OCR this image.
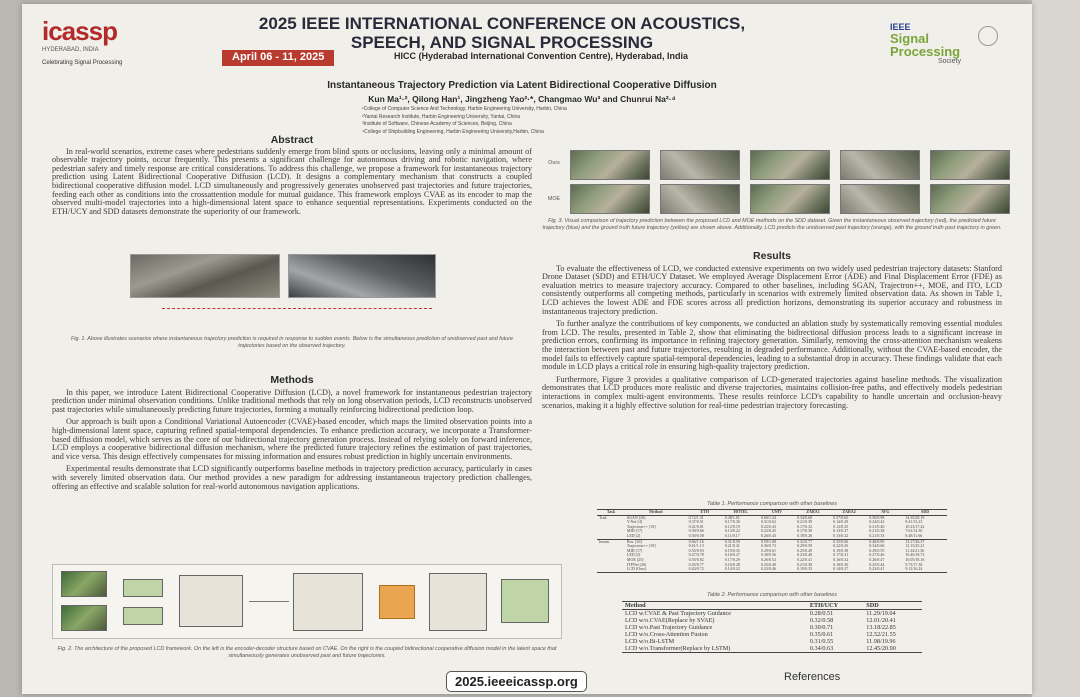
icassp
HYDERABAD, INDIA
Celebrating Signal Processing
2025 IEEE INTERNATIONAL CONFERENCE ON ACOUSTICS, SPEECH, AND SIGNAL PROCESSING
April 06 - 11, 2025	HICC (Hyderabad International Convention Centre), Hyderabad, India
IEEE
Signal
Processing
Society
Instantaneous Trajectory Prediction via Latent Bidirectional Cooperative Diffusion
Kun Ma¹·², Qilong Han¹, Jingzheng Yao²·*, Changmao Wu³ and Chunrui Na²·⁴
¹College of Computer Science And Technology, Harbin Engineering University, Harbin, China
²Yantai Research Institute, Harbin Engineering University, Yantai, China
³Institute of Software, Chinese Academy of Sciences, Beijing, China
⁴College of Shipbuilding Engineering, Harbin Engineering University,Harbin, China
Abstract

In real-world scenarios, extreme cases where pedestrians suddenly emerge from blind spots or occlusions, leaving only a minimal amount of observable trajectory points, occur frequently. This presents a significant challenge for autonomous driving and robotic navigation, where pedestrian safety and timely response are critical considerations. To address this challenge, we propose a framework for instantaneous trajectory prediction using Latent Bidirectional Cooperative Diffusion (LCD). It designs a complementary mechanism that constructs a coupled bidirectional cooperative diffusion model. LCD simultaneously and progressively generates unobserved past trajectories and future trajectories, feeding each other as conditions into the crossattention module for mutual guidance. This framework employs CVAE as its encoder to map the observed multi-model trajectories into a high-dimensional latent space to enhance sequential representations. Experiments conducted on the ETH/UCY and SDD datasets demonstrate the superiority of our framework.

Fig. 1. Above illustrates scenarios where instantaneous trajectory prediction is required in response to sudden events. Below is the simultaneous prediction of unobserved past and future trajectories based on the observed trajectory.
Methods

In this paper, we introduce Latent Bidirectional Cooperative Diffusion (LCD), a novel framework for instantaneous pedestrian trajectory prediction under minimal observation conditions. Unlike traditional methods that rely on long observation periods, LCD reconstructs unobserved past trajectories while simultaneously predicting future trajectories, forming a mutually reinforcing bidirectional prediction loop.

Our approach is built upon a Conditional Variational Autoencoder (CVAE)-based encoder, which maps the limited observation points into a high-dimensional latent space, capturing refined spatial-temporal dependencies. To enhance prediction accuracy, we incorporate a Transformer-based diffusion model, which serves as the core of our bidirectional trajectory generation process. Instead of relying solely on forward inference, LCD employs a cooperative bidirectional diffusion mechanism, where the predicted future trajectory refines the estimation of past trajectories, and vice versa. This design effectively compensates for missing information and ensures robust prediction in highly uncertain environments.

Experimental results demonstrate that LCD significantly outperforms baseline methods in trajectory prediction accuracy, particularly in cases with severely limited observation data. Our method provides a new paradigm for addressing instantaneous trajectory prediction challenges, offering an effective and scalable solution for real-world autonomous navigation applications.

Fig. 2. The architecture of the proposed LCD framework. On the left is the encoder-decoder structure based on CVAE. On the right is the coupled bidirectional cooperative diffusion model in the latent space that simultaneously generates unobserved past and future trajectories.
Ours
MOE
Fig. 3. Visual comparison of trajectory prediction between the proposed LCD and MOE methods on the SDD dataset. Given the instantaneous observed trajectory (red), the predicted future trajectory (blue) and the ground truth future trajectory (yellow) are shown above. Additionally, LCD predicts the unobserved past trajectory (orange), with the ground truth past trajectory in green.
Results

To evaluate the effectiveness of LCD, we conducted extensive experiments on two widely used pedestrian trajectory datasets: Stanford Drone Dataset (SDD) and ETH/UCY Dataset. We employed Average Displacement Error (ADE) and Final Displacement Error (FDE) as evaluation metrics to measure trajectory accuracy. Compared to other baselines, including SGAN, Trajectron++, MOE, and ITO, LCD consistently outperforms all competing methods, particularly in scenarios with extremely limited observation data. As shown in Table 1, LCD achieves the lowest ADE and FDE scores across all prediction horizons, demonstrating its superior accuracy and robustness in instantaneous trajectory prediction.

To further analyze the contributions of key components, we conducted an ablation study by systematically removing essential modules from LCD. The results, presented in Table 2, show that eliminating the bidirectional diffusion process leads to a significant increase in prediction errors, confirming its importance in refining trajectory generation. Similarly, removing the cross-attention mechanism weakens the interaction between past and future trajectories, resulting in degraded performance. Additionally, without the CVAE-based encoder, the model fails to effectively capture spatial-temporal dependencies, leading to a substantial drop in accuracy. These findings validate that each module in LCD plays a critical role in ensuring high-quality trajectory prediction.

Furthermore, Figure 3 provides a qualitative comparison of LCD-generated trajectories against baseline methods. The visualization demonstrates that LCD produces more realistic and diverse trajectories, maintains collision-free paths, and effectively models pedestrian interactions in complex multi-agent environments. These results reinforce LCD's capability to handle uncertain and occlusion-heavy scenarios, making it a highly effective solution for real-time pedestrian trajectory forecasting.

Table 1. Performance comparison with other baselines
Task	Method	ETH	HOTEL	UNIV	ZARA1	ZARA2	AVG	SDD
Trad.	SGAN [20]	0.72/1.31	0.48/1.01	0.60/1.24	0.34/0.68	0.37/0.65	0.50/0.98	14.35/28.19
	Y-Net [4]	0.37/0.51	0.17/0.30	0.31/0.62	0.21/0.39	0.14/0.29	0.24/0.42	8.41/13.23
	Trajectron++ [19]	0.41/0.81	0.12/0.19	0.22/0.43	0.17/0.32	0.12/0.25	0.21/0.40	10.23/17.42
	MID [17]	0.39/0.66	0.13/0.22	0.22/0.45	0.17/0.30	0.13/0.27	0.21/0.38	7.61/14.30
	LED [2]	0.39/0.58	0.11/0.17	0.26/0.43	0.18/0.26	0.13/0.22	0.21/0.33	8.48/11.66
Instan.	Bos. [26]	0.66/1.16	0.31/0.59	0.59/1.08	0.41/0.77	0.35/0.66	0.46/0.85	13.17/26.37
	Trajectron++ [19]	0.61/1.13	0.21/0.41	0.36/0.72	0.29/0.59	0.22/0.45	0.34/0.66	12.15/25.21
	MID [17]	0.55/0.93	0.19/0.35	0.29/0.61	0.25/0.49	0.19/0.38	0.29/0.55	11.24/21.36
	LED [2]	0.47/0.78	0.16/0.27	0.30/0.56	0.23/0.40	0.17/0.31	0.27/0.46	10.46/18.73
	MOE [25]	0.50/0.82	0.17/0.29	0.26/0.52	0.22/0.41	0.16/0.32	0.26/0.47	10.05/18.16
	ITPNet [26]	0.45/0.77	0.16/0.28	0.25/0.49	0.21/0.38	0.16/0.30	0.25/0.44	9.73/17.36
	LCD (Ours)	0.43/0.72	0.14/0.23	0.23/0.46	0.19/0.35	0.14/0.27	0.23/0.41	9.12/16.24
Table 2. Performance comparison with other baselines
Method	ETH/UCY	SDD
LCD w.CVAE & Past Trajectory Guidance	0.28/0.51	11.29/19.04
LCD w/o.CVAE(Replace by SVAE)	0.32/0.58	12.01/20.41
LCD w/o.Past Trajectory Guidance	0.30/0.71	13.18/22.85
LCD w/o.Cross-Attention Fusion	0.35/0.61	12.52/21.55
LCD w/o.Bi-LSTM	0.31/0.55	11.98/19.96
LCD w/o.Transformer(Replace by LSTM)	0.34/0.63	12.45/20.90
2025.ieeeicassp.org	References
